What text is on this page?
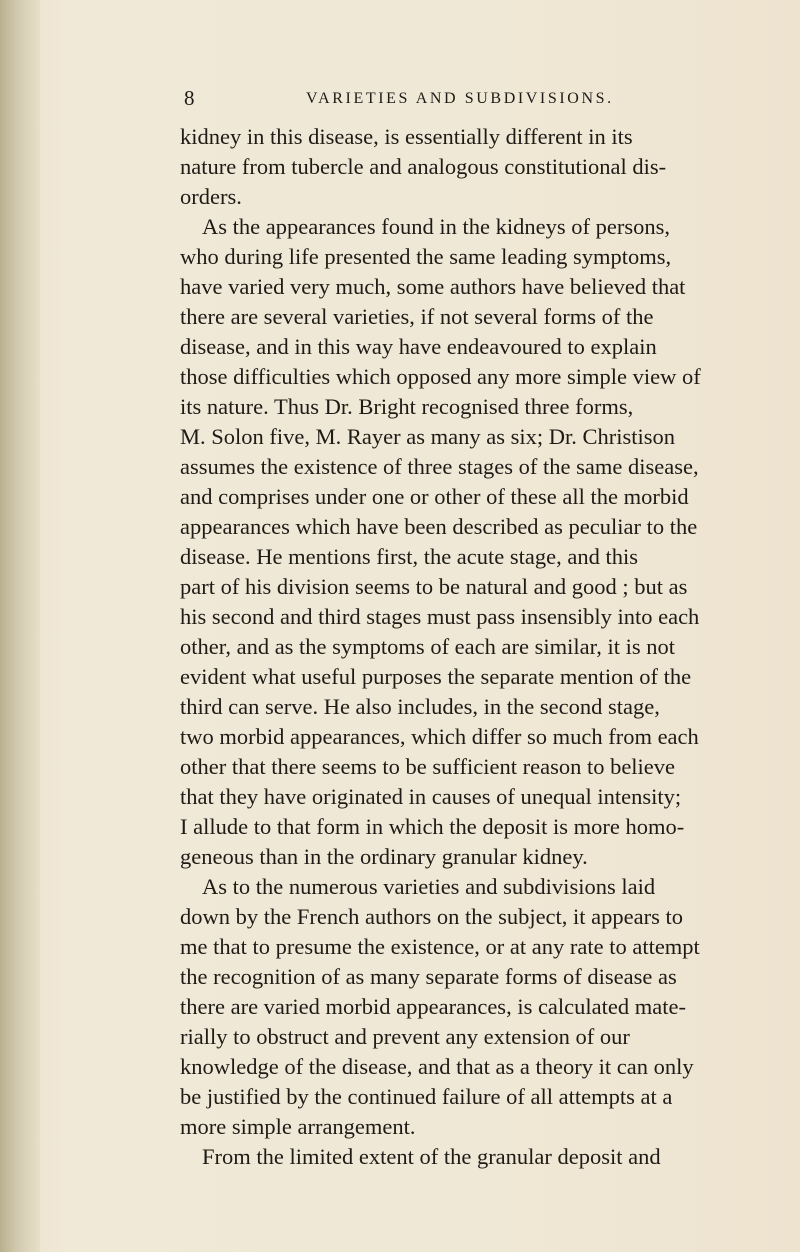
8	VARIETIES AND SUBDIVISIONS.
kidney in this disease, is essentially different in its
nature from tubercle and analogous constitutional dis-
orders.
As the appearances found in the kidneys of persons,
who during life presented the same leading symptoms,
have varied very much, some authors have believed that
there are several varieties, if not several forms of the
disease, and in this way have endeavoured to explain
those difficulties which opposed any more simple view of
its nature. Thus Dr. Bright recognised three forms,
M. Solon five, M. Rayer as many as six; Dr. Christison
assumes the existence of three stages of the same disease,
and comprises under one or other of these all the morbid
appearances which have been described as peculiar to the
disease. He mentions first, the acute stage, and this
part of his division seems to be natural and good ; but as
his second and third stages must pass insensibly into each
other, and as the symptoms of each are similar, it is not
evident what useful purposes the separate mention of the
third can serve. He also includes, in the second stage,
two morbid appearances, which differ so much from each
other that there seems to be sufficient reason to believe
that they have originated in causes of unequal intensity;
I allude to that form in which the deposit is more homo-
geneous than in the ordinary granular kidney.
As to the numerous varieties and subdivisions laid
down by the French authors on the subject, it appears to
me that to presume the existence, or at any rate to attempt
the recognition of as many separate forms of disease as
there are varied morbid appearances, is calculated mate-
rially to obstruct and prevent any extension of our
knowledge of the disease, and that as a theory it can only
be justified by the continued failure of all attempts at a
more simple arrangement.
From the limited extent of the granular deposit and
